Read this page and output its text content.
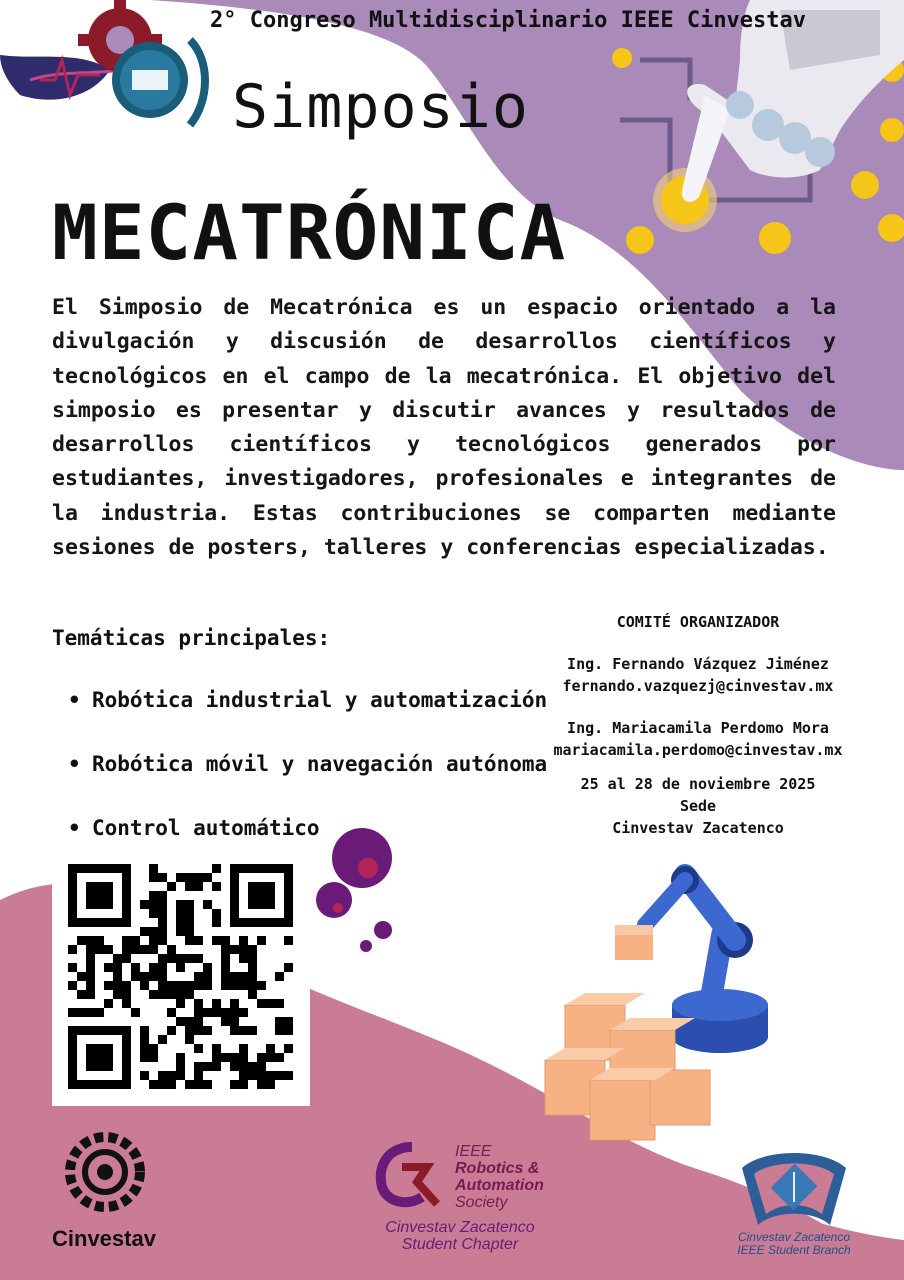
2° Congreso Multidisciplinario IEEE Cinvestav
Simposio
MECATRÓNICA
El Simposio de Mecatrónica es un espacio orientado a la divulgación y discusión de desarrollos científicos y tecnológicos en el campo de la mecatrónica. El objetivo del simposio es presentar y discutir avances y resultados de desarrollos científicos y tecnológicos generados por estudiantes, investigadores, profesionales e integrantes de la industria. Estas contribuciones se comparten mediante sesiones de posters, talleres y conferencias especializadas.
Temáticas principales:
• Robótica industrial y automatización
• Robótica móvil y navegación autónoma
• Control automático
COMITÉ ORGANIZADOR
Ing. Fernando Vázquez Jiménez
fernando.vazquezj@cinvestav.mx
Ing. Mariacamila Perdomo Mora
mariacamila.perdomo@cinvestav.mx
25 al 28 de noviembre 2025
Sede
Cinvestav Zacatenco
Cinvestav
IEEE
Robotics &
Automation
Society
Cinvestav Zacatenco
Student Chapter	Cinvestav Zacatenco
IEEE Student Branch
